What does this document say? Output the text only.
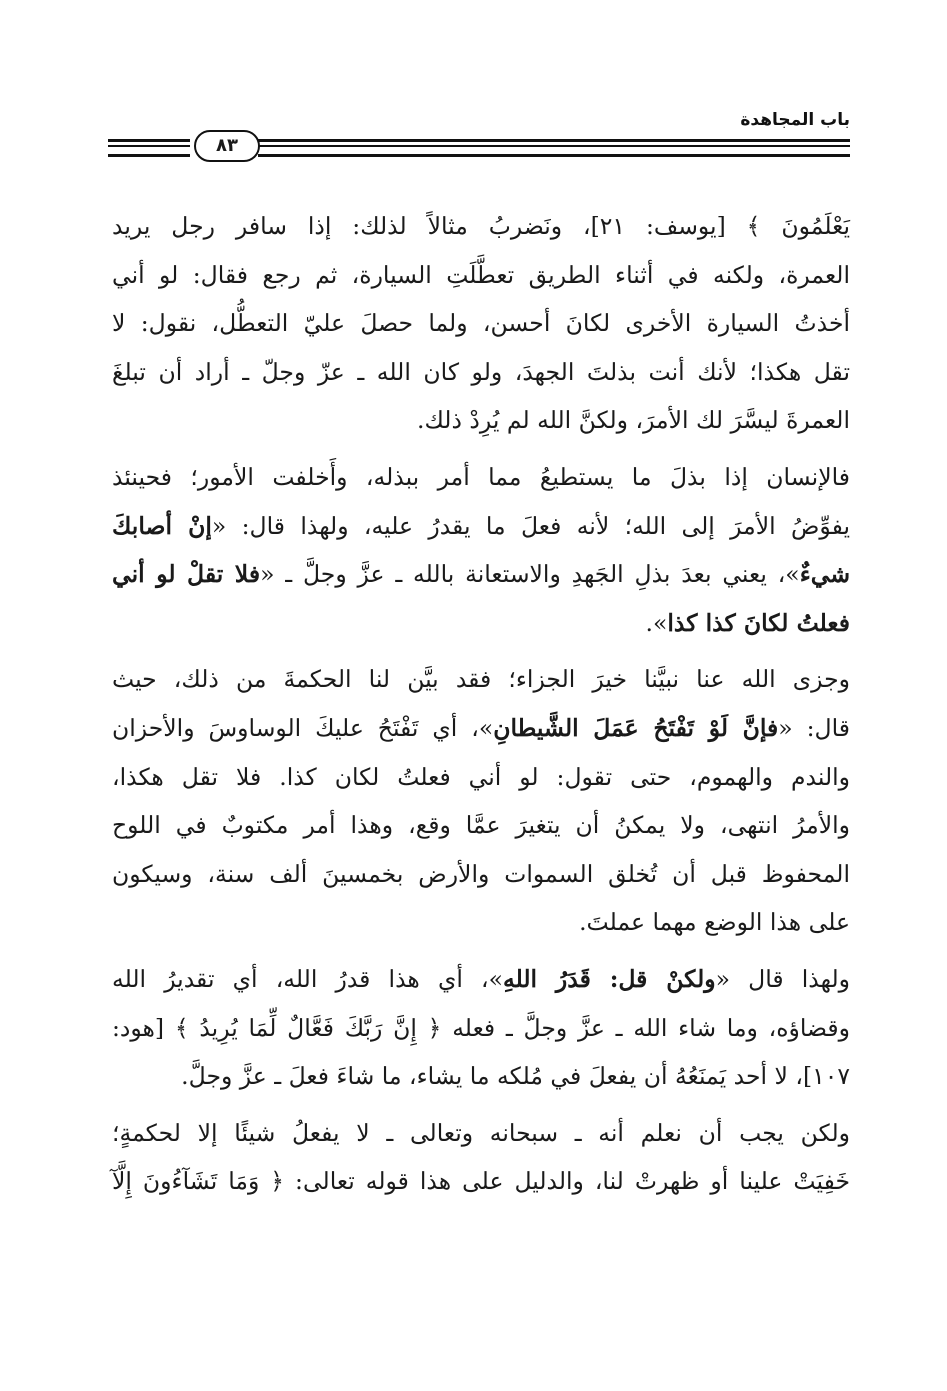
باب المجاهدة
٨٣
يَعْلَمُونَ ﴾ [يوسف: ٢١]، ونَضربُ مثالاً لذلك: إذا سافر رجل يريد
العمرة، ولكنه في أثناء الطريق تعطَّلَتِ السيارة، ثم رجع فقال: لو أني
أخذتُ السيارة الأخرى لكانَ أحسن، ولما حصلَ عليّ التعطُّل، نقول: لا
تقل هكذا؛ لأنك أنت بذلتَ الجهدَ، ولو كان الله ـ عزّ وجلّ ـ أراد أن تبلغَ
العمرةَ ليسَّرَ لك الأمرَ، ولكنَّ الله لم يُرِدْ ذلك.
فالإنسان إذا بذلَ ما يستطيعُ مما أمر ببذله، وأَخلفت الأمور؛ فحينئذ
يفوِّضُ الأمرَ إلى الله؛ لأنه فعلَ ما يقدرُ عليه، ولهذا قال: «إنْ أصابكَ
شيءٌ»، يعني بعدَ بذلِ الجَهدِ والاستعانة بالله ـ عزَّ وجلَّ ـ «فلا تقلْ لو أني
فعلتُ لكانَ كذا كذا».
وجزى الله عنا نبيَّنا خيرَ الجزاء؛ فقد بيَّن لنا الحكمةَ من ذلك، حيث
قال: «فإنَّ لَوْ تَفْتَحُ عَمَلَ الشَّيطانِ»، أي تَفْتَحُ عليكَ الوساوسَ والأحزان
والندم والهموم، حتى تقول: لو أني فعلتُ لكان كذا. فلا تقل هكذا،
والأمرُ انتهى، ولا يمكنُ أن يتغيرَ عمَّا وقع، وهذا أمر مكتوبٌ في اللوح
المحفوظ قبل أن تُخلق السموات والأرض بخمسينَ ألف سنة، وسيكون
على هذا الوضع مهما عملتَ.
ولهذا قال «ولكنْ قل: قَدَرُ اللهِ»، أي هذا قدرُ الله، أي تقديرُ الله
وقضاؤه، وما شاء الله ـ عزَّ وجلَّ ـ فعله ﴿ إِنَّ رَبَّكَ فَعَّالٌ لِّمَا يُرِيدُ ﴾ [هود:
١٠٧]، لا أحد يَمنَعُهُ أن يفعلَ في مُلكه ما يشاء، ما شاءَ فعلَ ـ عزَّ وجلَّ.
ولكن يجب أن نعلم أنه ـ سبحانه وتعالى ـ لا يفعلُ شيئًا إلا لحكمةٍ؛
خَفِيَتْ علينا أو ظهرتْ لنا، والدليل على هذا قوله تعالى: ﴿ وَمَا تَشَآءُونَ إِلَّآ
